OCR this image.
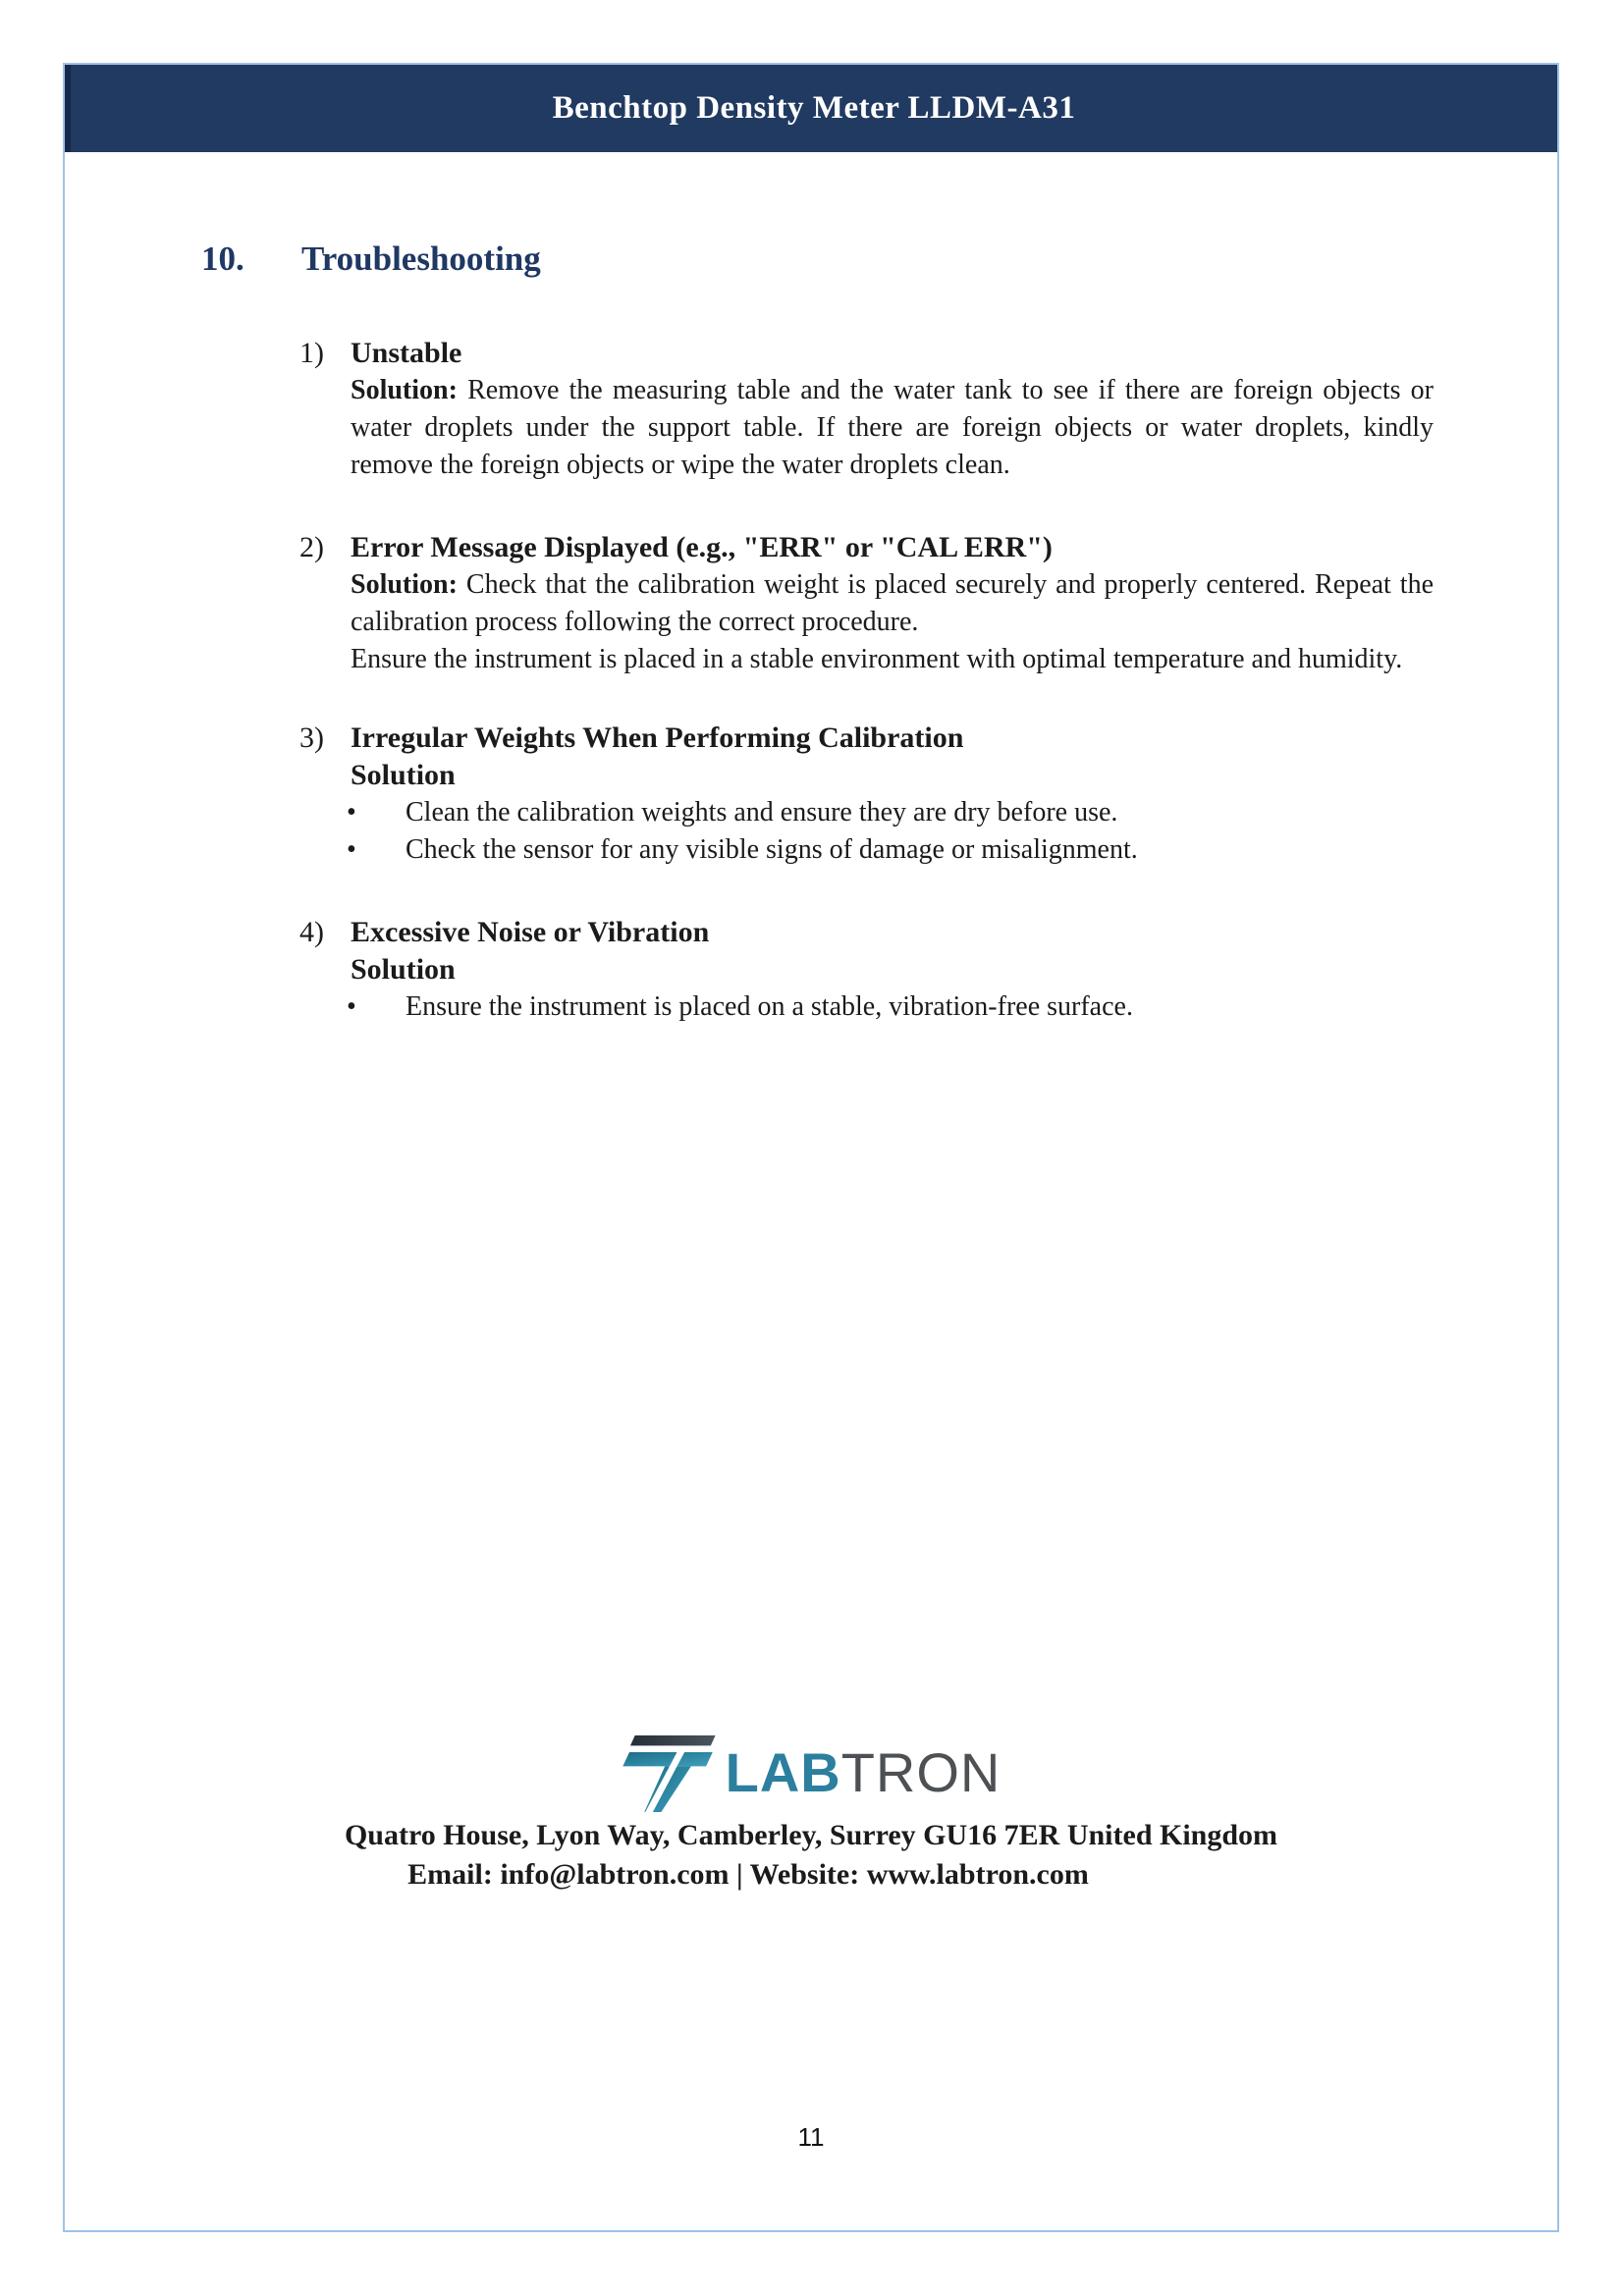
Benchtop Density Meter LLDM-A31
10.	Troubleshooting
1) Unstable
Solution: Remove the measuring table and the water tank to see if there are foreign objects or water droplets under the support table. If there are foreign objects or water droplets, kindly remove the foreign objects or wipe the water droplets clean.
2) Error Message Displayed (e.g., "ERR" or "CAL ERR")
Solution: Check that the calibration weight is placed securely and properly centered. Repeat the calibration process following the correct procedure.
Ensure the instrument is placed in a stable environment with optimal temperature and humidity.
3) Irregular Weights When Performing Calibration
Solution
• Clean the calibration weights and ensure they are dry before use.
• Check the sensor for any visible signs of damage or misalignment.
4) Excessive Noise or Vibration
Solution
• Ensure the instrument is placed on a stable, vibration-free surface.
LABTRON
Quatro House, Lyon Way, Camberley, Surrey GU16 7ER United Kingdom
Email: info@labtron.com | Website: www.labtron.com
11
